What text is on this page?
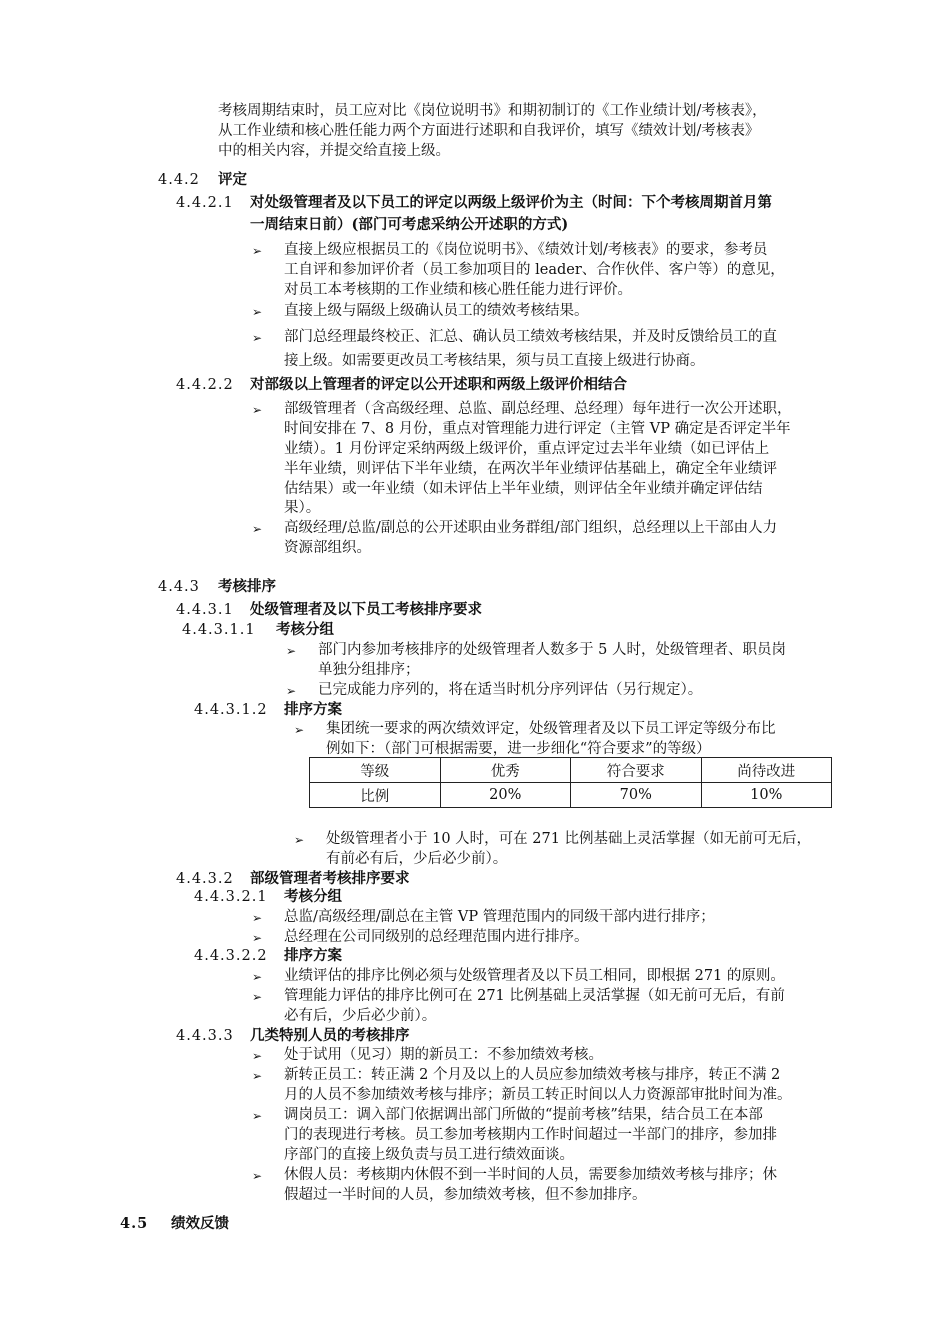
考核周期结束时，员工应对比《岗位说明书》和期初制订的《工作业绩计划/考核表》，
从工作业绩和核心胜任能力两个方面进行述职和自我评价，填写《绩效计划/考核表》
中的相关内容，并提交给直接上级。
4.4.2 评定
4.4.2.1 对处级管理者及以下员工的评定以两级上级评价为主（时间：下个考核周期首月第
一周结束日前）(部门可考虑采纳公开述职的方式)
➢ 直接上级应根据员工的《岗位说明书》、《绩效计划/考核表》的要求，参考员
工自评和参加评价者（员工参加项目的 leader、合作伙伴、客户等）的意见，
对员工本考核期的工作业绩和核心胜任能力进行评价。
➢ 直接上级与隔级上级确认员工的绩效考核结果。
➢ 部门总经理最终校正、汇总、确认员工绩效考核结果，并及时反馈给员工的直
接上级。如需要更改员工考核结果，须与员工直接上级进行协商。
4.4.2.2 对部级以上管理者的评定以公开述职和两级上级评价相结合
➢ 部级管理者（含高级经理、总监、副总经理、总经理）每年进行一次公开述职，
时间安排在 7、8 月份，重点对管理能力进行评定（主管 VP 确定是否评定半年
业绩）。1 月份评定采纳两级上级评价，重点评定过去半年业绩（如已评估上
半年业绩，则评估下半年业绩，在两次半年业绩评估基础上，确定全年业绩评
估结果）或一年业绩（如未评估上半年业绩，则评估全年业绩并确定评估结
果）。
➢ 高级经理/总监/副总的公开述职由业务群组/部门组织，总经理以上干部由人力
资源部组织。
4.4.3 考核排序
4.4.3.1 处级管理者及以下员工考核排序要求
4.4.3.1.1 考核分组
➢ 部门内参加考核排序的处级管理者人数多于 5 人时，处级管理者、职员岗
单独分组排序；
➢ 已完成能力序列的，将在适当时机分序列评估（另行规定）。
4.4.3.1.2 排序方案
➢ 集团统一要求的两次绩效评定，处级管理者及以下员工评定等级分布比
例如下：（部门可根据需要，进一步细化“符合要求”的等级）
等级	优秀	符合要求	尚待改进
比例	20%	70%	10%
➢ 处级管理者小于 10 人时，可在 271 比例基础上灵活掌握（如无前可无后，
有前必有后，少后必少前）。
4.4.3.2 部级管理者考核排序要求
4.4.3.2.1 考核分组
➢ 总监/高级经理/副总在主管 VP 管理范围内的同级干部内进行排序；
➢ 总经理在公司同级别的总经理范围内进行排序。
4.4.3.2.2 排序方案
➢ 业绩评估的排序比例必须与处级管理者及以下员工相同，即根据 271 的原则。
➢ 管理能力评估的排序比例可在 271 比例基础上灵活掌握（如无前可无后，有前
必有后，少后必少前）。
4.4.3.3 几类特别人员的考核排序
➢ 处于试用（见习）期的新员工：不参加绩效考核。
➢ 新转正员工：转正满 2 个月及以上的人员应参加绩效考核与排序，转正不满 2
月的人员不参加绩效考核与排序；新员工转正时间以人力资源部审批时间为准。
➢ 调岗员工：调入部门依据调出部门所做的“提前考核”结果，结合员工在本部
门的表现进行考核。员工参加考核期内工作时间超过一半部门的排序，参加排
序部门的直接上级负责与员工进行绩效面谈。
➢ 休假人员：考核期内休假不到一半时间的人员，需要参加绩效考核与排序；休
假超过一半时间的人员，参加绩效考核，但不参加排序。
4.5 绩效反馈
